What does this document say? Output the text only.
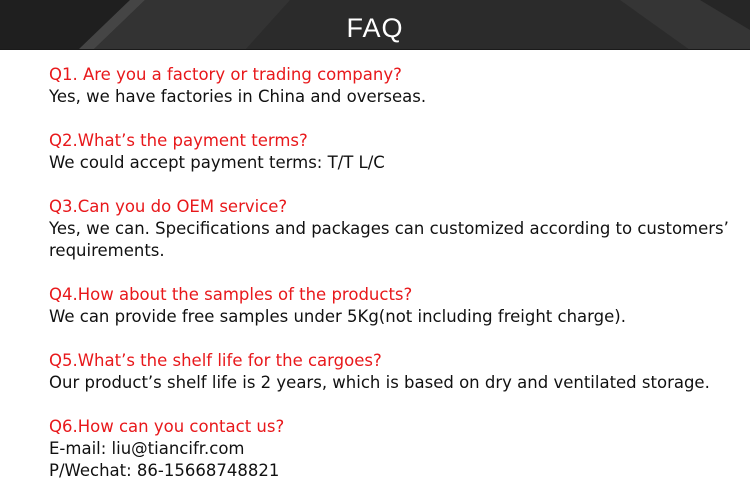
FAQ
Q1. Are you a factory or trading company?
Yes, we have factories in China and overseas.
Q2.What’s the payment terms?
We could accept payment terms: T/T L/C
Q3.Can you do OEM service?
Yes, we can. Specifications and packages can customized according to customers’
requirements.
Q4.How about the samples of the products?
We can provide free samples under 5Kg(not including freight charge).
Q5.What’s the shelf life for the cargoes?
Our product’s shelf life is 2 years, which is based on dry and ventilated storage.
Q6.How can you contact us?
E-mail: liu@tiancifr.com
P/Wechat: 86-15668748821
